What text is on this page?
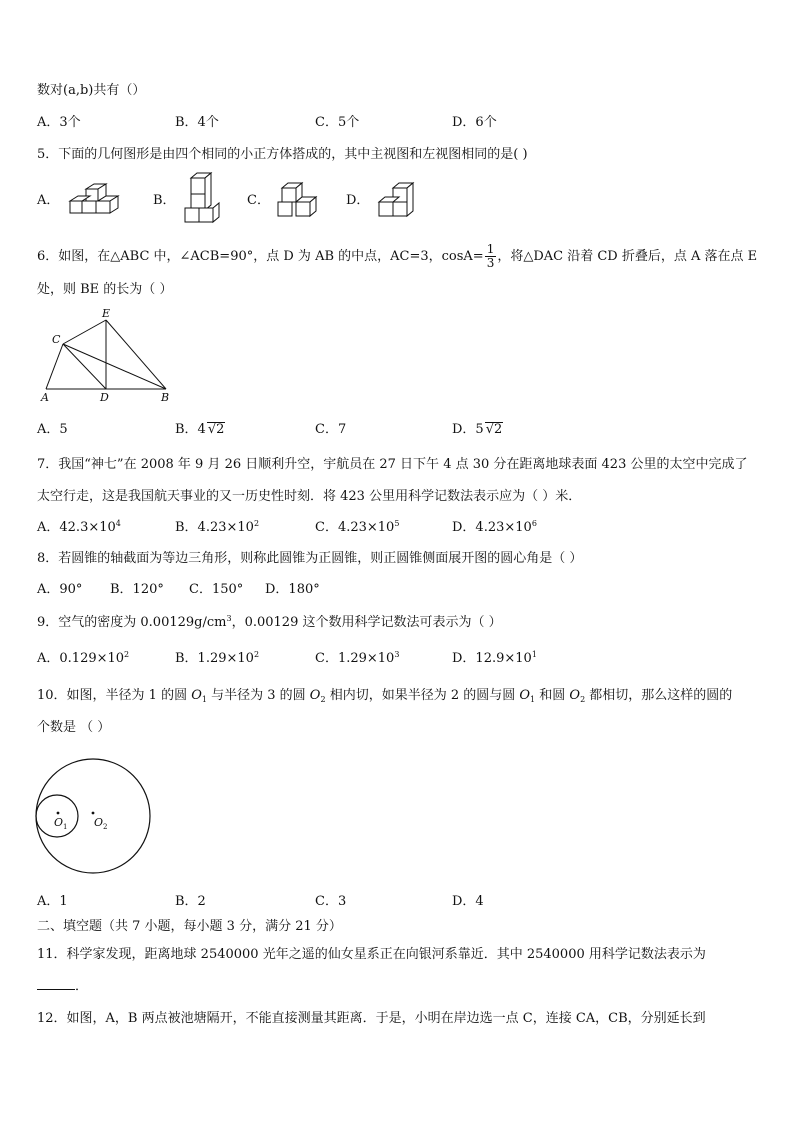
数对(a,b)共有（）
A．3个	B．4个	C．5个	D．6个
5．下面的几何图形是由四个相同的小正方体搭成的，其中主视图和左视图相同的是( )
A．	B．	C．	D．
6．如图，在△ABC 中，∠ACB=90°，点 D 为 AB 的中点，AC=3，$\cos A= \frac{1}{3}$ ，将△DAC 沿着 CD 折叠后，点 A 落在点 E
处，则 BE 的长为（ ）
C
E
A	D	B
A．5	B．4 √2	C．7	D．5 √2
7．我国“神七”在 2008 年 9 月 26 日顺利升空，宇航员在 27 日下午 4 点 30 分在距离地球表面 423 公里的太空中完成了
太空行走，这是我国航天事业的又一历史性时刻．将 423 公里用科学记数法表示应为（ ）米．
A．$42.3\times 10^4$	B．$4.23\times 10^2$	C．$4.23\times 10^5$	D．$4.23\times 10^6$
8．若圆锥的轴截面为等边三角形，则称此圆锥为正圆锥，则正圆锥侧面展开图的圆心角是（ ）
A．90° B．120° C．150° D．180°
9．空气的密度为 $0.00129g/cm^3$，0.00129 这个数用科学记数法可表示为（ ）
A．$0.129\times 10^2$	B．$1.29\times 10^2$	C．$1.29\times 10^3$	D．$12.9\times 10^1$
10．如图，半径为 1 的圆 $O_1$ 与半径为 3 的圆 $O_2$ 相内切，如果半径为 2 的圆与圆 $O_1$ 和圆 $O_2$ 都相切，那么这样的圆的
个数是 （ ）
O 1 O 2
A．1	B．2	C．3	D．4
二、填空题（共 7 小题，每小题 3 分，满分 21 分）
11．科学家发现，距离地球 2540000 光年之遥的仙女星系正在向银河系靠近．其中 2540000 用科学记数法表示为
．
12．如图，A，B 两点被池塘隔开，不能直接测量其距离．于是，小明在岸边选一点 C，连接 CA，CB，分别延长到
